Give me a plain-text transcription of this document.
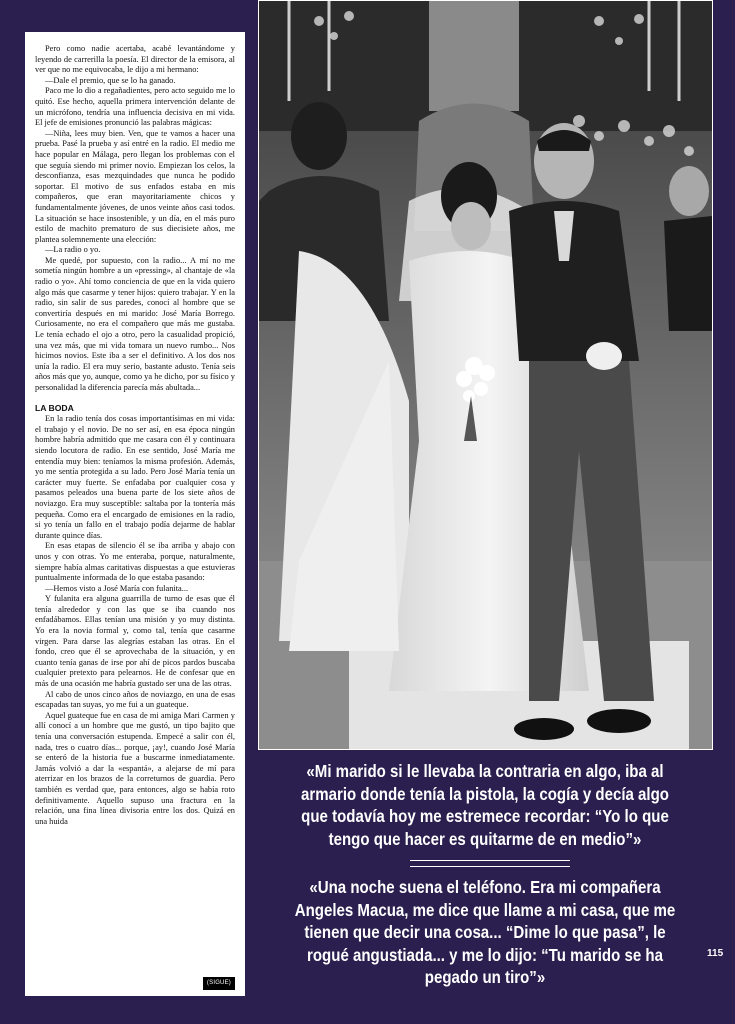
Pero como nadie acertaba, acabé levantándome y leyendo de carrerilla la poesía. El director de la emisora, al ver que no me equivocaba, le dijo a mi hermano:

—Dale el premio, que se lo ha ganado.

Paco me lo dio a regañadientes, pero acto seguido me lo quitó. Ese hecho, aquella primera intervención delante de un micrófono, tendría una influencia decisiva en mi vida. El jefe de emisiones pronunció las palabras mágicas:

—Niña, lees muy bien. Ven, que te vamos a hacer una prueba. Pasé la prueba y así entré en la radio. El medio me hace popular en Málaga, pero llegan los problemas con el que seguía siendo mi primer novio. Empiezan los celos, la desconfianza, esas mezquindades que nunca he podido soportar. El motivo de sus enfados estaba en mis compañeros, que eran mayoritariamente chicos y fundamentalmente jóvenes, de unos veinte años casi todos. La situación se hace insostenible, y un día, en el más puro estilo de machito prematuro de sus diecisiete años, me plantea solemnemente una elección:

—La radio o yo.

Me quedé, por supuesto, con la radio... A mí no me sometía ningún hombre a un «pressing», al chantaje de «la radio o yo». Ahí tomo conciencia de que en la vida quiero algo más que casarme y tener hijos: quiero trabajar. Y en la radio, sin salir de sus paredes, conocí al hombre que se convertiría después en mi marido: José María Borrego. Curiosamente, no era el compañero que más me gustaba. Le tenía echado el ojo a otro, pero la casualidad propició, una vez más, que mi vida tomara un nuevo rumbo... Nos hicimos novios. Este iba a ser el definitivo. A los dos nos unía la radio. El era muy serio, bastante adusto. Tenía seis años más que yo, aunque, como ya he dicho, por su físico y personalidad la diferencia parecía más abultada...

LA BODA

En la radio tenía dos cosas importantísimas en mi vida: el trabajo y el novio. De no ser así, en esa época ningún hombre habría admitido que me casara con él y continuara siendo locutora de radio. En ese sentido, José María me entendía muy bien: teníamos la misma profesión. Además, yo me sentía protegida a su lado. Pero José María tenía un carácter muy fuerte. Se enfadaba por cualquier cosa y pasamos peleados una buena parte de los siete años de noviazgo. Era muy susceptible: saltaba por la tontería más pequeña. Como era el encargado de emisiones en la radio, si yo tenía un fallo en el trabajo podía dejarme de hablar durante quince días.

En esas etapas de silencio él se iba arriba y abajo con unos y con otras. Yo me enteraba, porque, naturalmente, siempre había almas caritativas dispuestas a que estuvieras puntualmente informada de lo que estaba pasando:

—Hemos visto a José María con fulanita...

Y fulanita era alguna guarrilla de turno de esas que él tenía alrededor y con las que se iba cuando nos enfadábamos. Ellas tenían una misión y yo muy distinta. Yo era la novia formal y, como tal, tenía que casarme virgen. Para darse las alegrías estaban las otras. En el fondo, creo que él se aprovechaba de la situación, y en cuanto tenía ganas de irse por ahí de picos pardos buscaba cualquier pretexto para pelearnos. He de confesar que en más de una ocasión me habría gustado ser una de las otras.

Al cabo de unos cinco años de noviazgo, en una de esas escapadas tan suyas, yo me fui a un guateque.

Aquel guateque fue en casa de mi amiga Mari Carmen y allí conocí a un hombre que me gustó, un tipo bajito que tenía una conversación estupenda. Empecé a salir con él, nada, tres o cuatro días... porque, ¡ay!, cuando José María se enteró de la historia fue a buscarme inmediatamente. Jamás volvió a dar la «espantá», a alejarse de mí para aterrizar en los brazos de la correturnos de guardia. Pero también es verdad que, para entonces, algo se había roto definitivamente. Aquello supuso una fractura en la relación, una fina línea divisoria entre los dos. Quizá en una huida

(SIGUE)
«Mi marido si le llevaba la contraria en algo, iba al armario donde tenía la pistola, la cogía y decía algo que todavía hoy me estremece recordar: “Yo lo que tengo que hacer es quitarme de en medio”»
«Una noche suena el teléfono. Era mi compañera Angeles Macua, me dice que llame a mi casa, que me tienen que decir una cosa... “Dime lo que pasa”, le rogué angustiada... y me lo dijo: “Tu marido se ha pegado un tiro”»
115
